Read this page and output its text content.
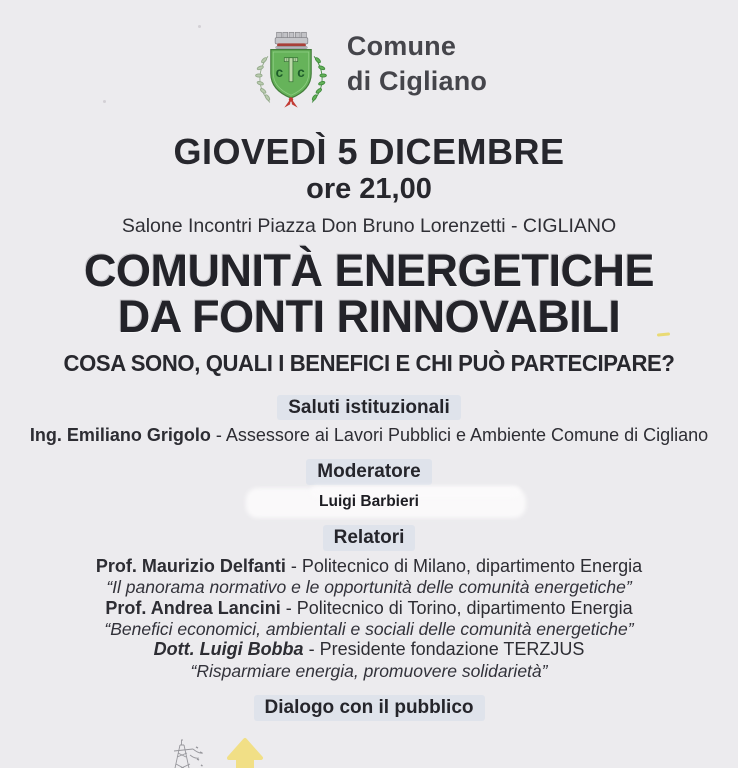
c c
Comune
di Cigliano
GIOVEDÌ 5 DICEMBRE
ore 21,00
Salone Incontri Piazza Don Bruno Lorenzetti - CIGLIANO
COMUNITÀ ENERGETICHE
DA FONTI RINNOVABILI
COSA SONO, QUALI I BENEFICI E CHI PUÒ PARTECIPARE?
Saluti istituzionali
Ing. Emiliano Grigolo - Assessore ai Lavori Pubblici e Ambiente Comune di Cigliano
Moderatore
Luigi Barbieri
Relatori
Prof. Maurizio Delfanti - Politecnico di Milano, dipartimento Energia
“Il panorama normativo e le opportunità delle comunità energetiche”
Prof. Andrea Lancini - Politecnico di Torino, dipartimento Energia
“Benefici economici, ambientali e sociali delle comunità energetiche”
Dott. Luigi Bobba - Presidente fondazione TERZJUS
“Risparmiare energia, promuovere solidarietà”
Dialogo con il pubblico
